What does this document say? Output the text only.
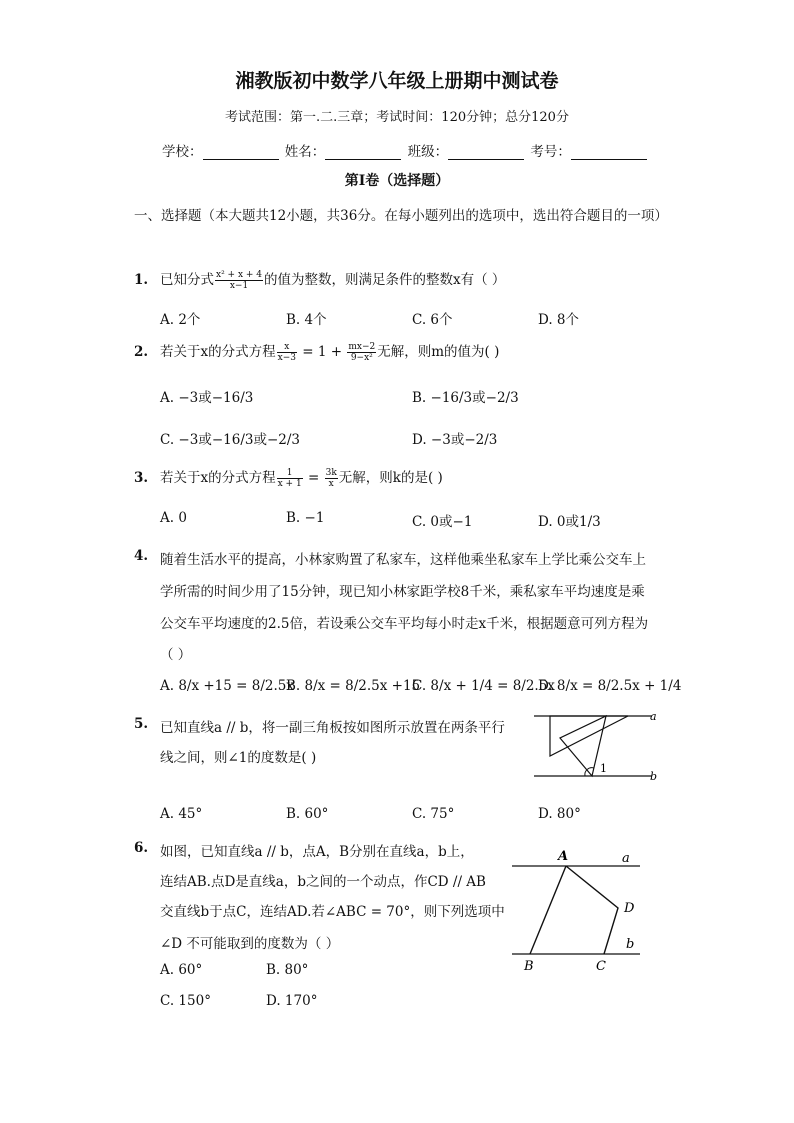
湘教版初中数学八年级上册期中测试卷
考试范围：第一.二.三章；考试时间：120分钟；总分120分
学校：	姓名：	班级：	考号：
第I卷（选择题）
一、选择题（本大题共12小题，共36分。在每小题列出的选项中，选出符合题目的一项）
1. 已知分式 $\frac{\text{x² + x + 4}}{x-1}$ 的值为整数，则满足条件的整数x有（ ）
A. 2个	B. 4个	C. 6个	D. 8个
2. 若关于x的分式方程 $\frac{x}{x-3} = 1 + \frac{mx-2}{\text{9−x²}}$ 无解，则m的值为( )
A. −3或−16/3	B. −16/3或−2/3
C. −3或−16/3或−2/3	D. −3或−2/3
3. 若关于x的分式方程 $\frac{1}{x + 1} = \frac{3k}{x}$ 无解，则k的是( )
A. 0	B. −1	C. 0或−1	D. 0或1/3
4. 随着生活水平的提高，小林家购置了私家车，这样他乘坐私家车上学比乘公交车上
学所需的时间少用了15分钟，现已知小林家距学校8千米，乘私家车平均速度是乘
公交车平均速度的2.5倍，若设乘公交车平均每小时走x千米，根据题意可列方程为
（ ）
A. 8/x +15 = 8/2.5x
B. 8/x = 8/2.5x +15
C. 8/x + 1/4 = 8/2.5x
D. 8/x = 8/2.5x + 1/4
5. 已知直线a // b，将一副三角板按如图所示放置在两条平行
线之间，则∠1的度数是( )
1
a
b
A. 45°	B. 60°	C. 75°	D. 80°
6. 如图，已知直线a // b，点A，B分别在直线a，b上，
连结AB.点D是直线a，b之间的一个动点，作CD // AB
交直线b于点C，连结AD.若∠ABC = 70°，则下列选项中
∠D 不可能取到的度数为（ ）
A. 60°	B. 80°
C. 150°	D. 170°
A	a
D
b
B	C
